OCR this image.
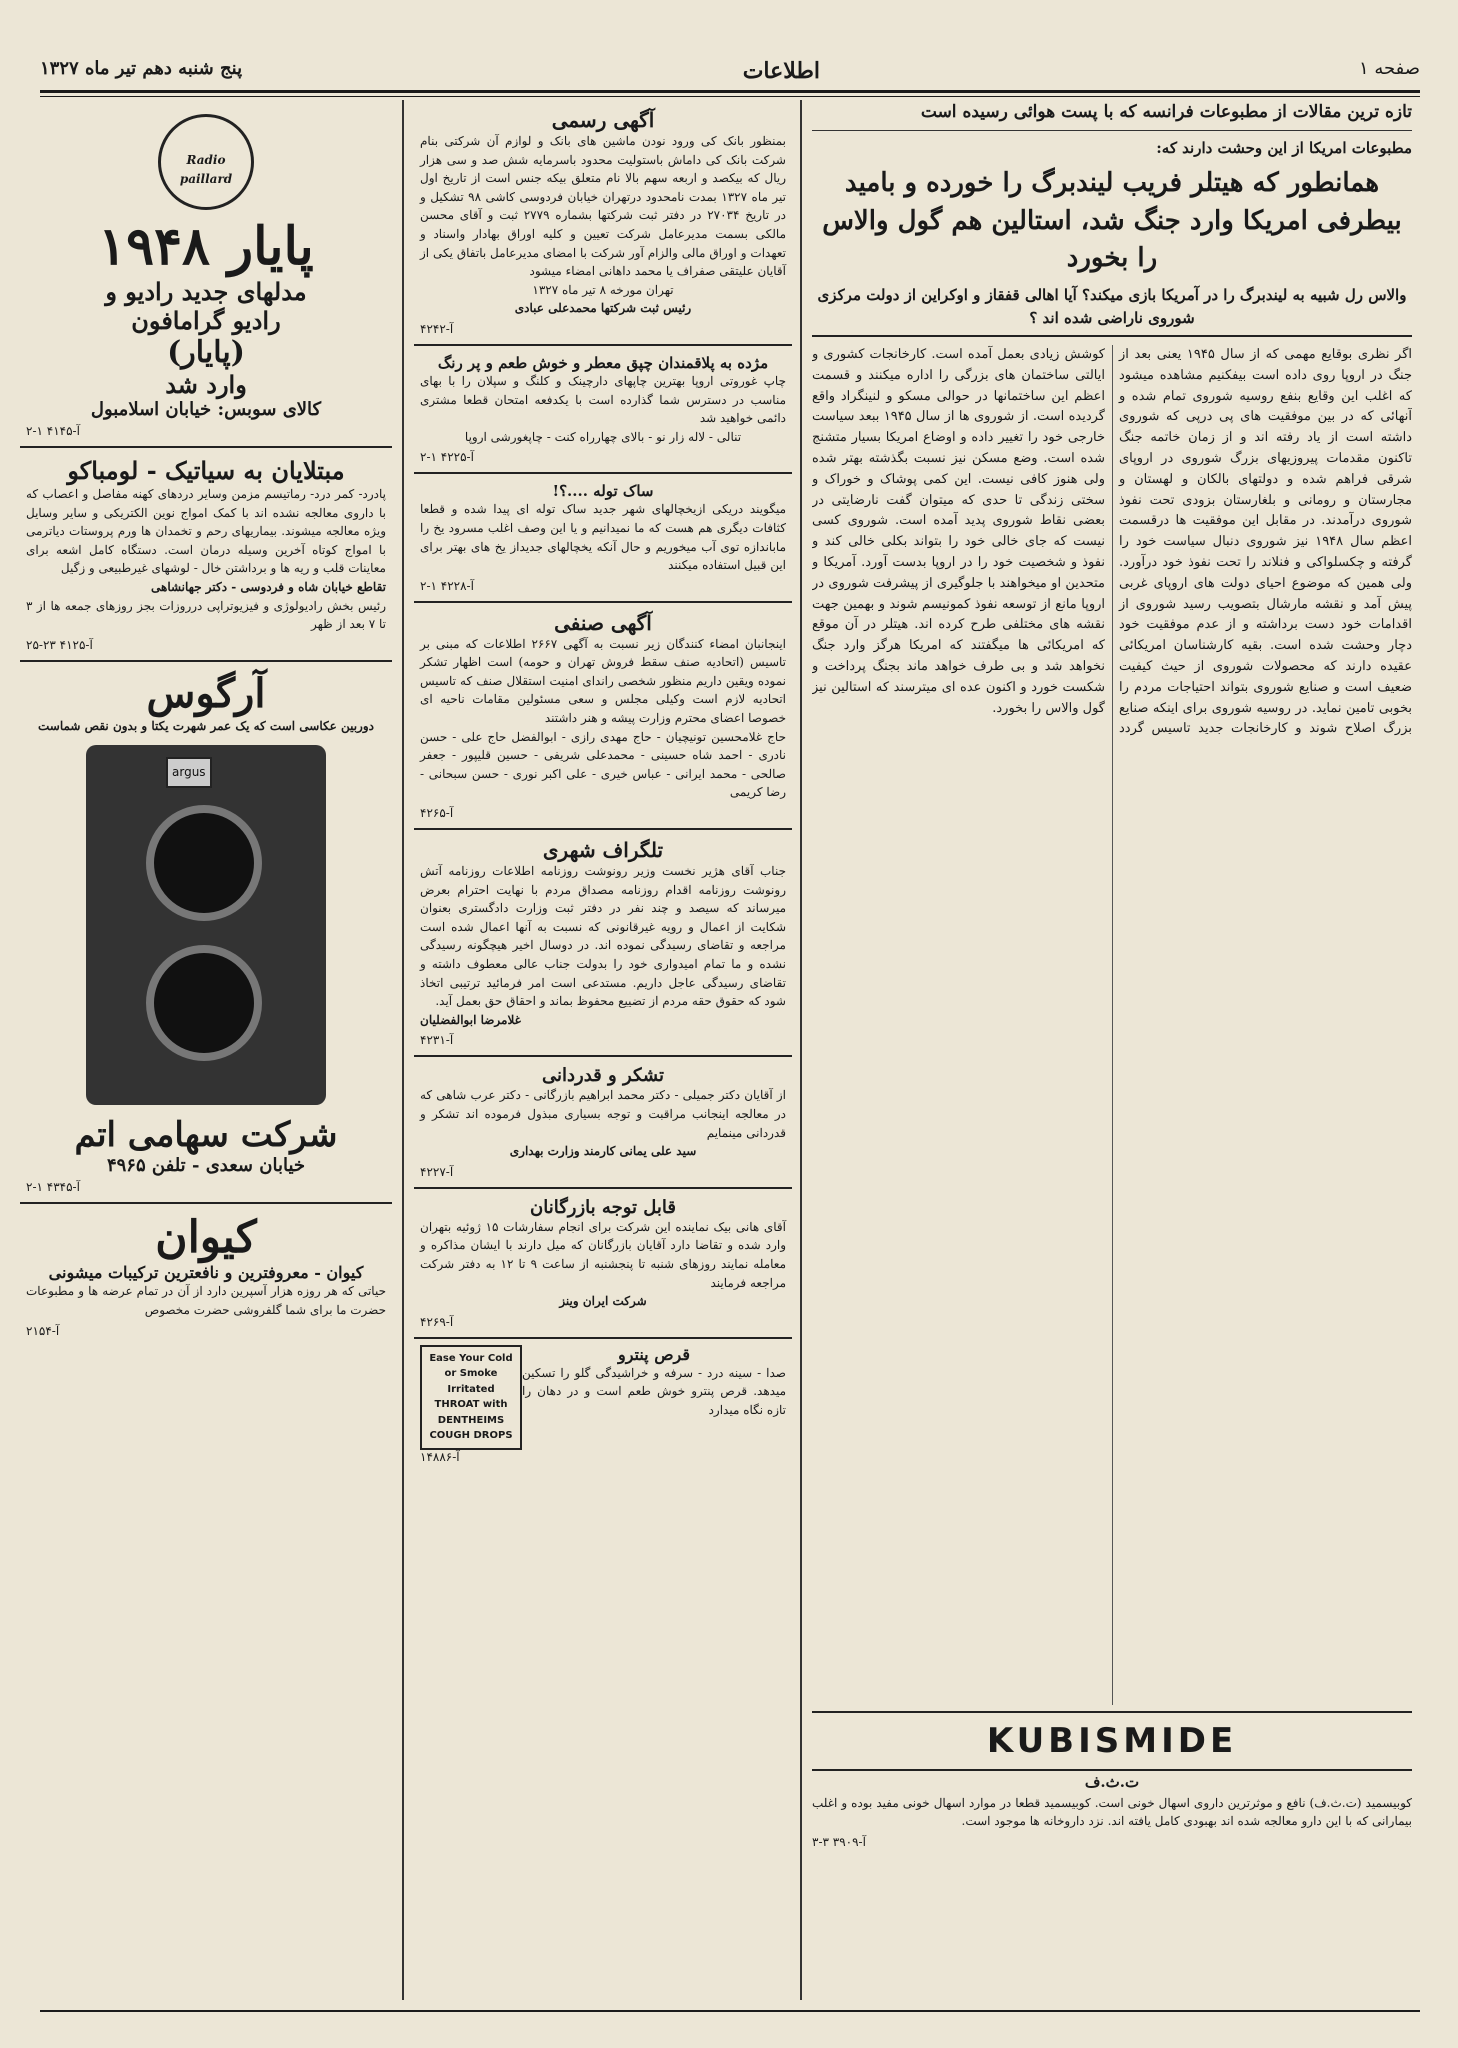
صفحه ۱
اطلاعات
پنج شنبه دهم تیر ماه ۱۳۲۷
تازه ترین مقالات از مطبوعات فرانسه که با پست هوائی رسیده است
مطبوعات امریکا از این وحشت دارند که:
همانطور که هیتلر فریب لیندبرگ را خورده و بامید بیطرفی امریکا وارد جنگ شد، استالین هم گول والاس را بخورد
والاس رل شبیه به لیندبرگ را در آمریکا بازی میکند؟ آیا اهالی قفقاز و اوکراین از دولت مرکزی شوروی ناراضی شده اند ؟
اگر نظری بوقایع مهمی که از سال ۱۹۴۵ یعنی بعد از جنگ در اروپا روی داده است بیفکنیم مشاهده میشود که اغلب این وقایع بنفع روسیه شوروی تمام شده و آنهائی که در بین موفقیت های پی درپی که شوروی داشته است از یاد رفته اند و از زمان خاتمه جنگ تاکنون مقدمات پیروزیهای بزرگ شوروی در اروپای شرقی فراهم شده و دولتهای بالکان و لهستان و مجارستان و رومانی و بلغارستان بزودی تحت نفوذ شوروی درآمدند. در مقابل این موفقیت ها درقسمت اعظم سال ۱۹۴۸ نیز شوروی دنبال سیاست خود را گرفته و چکسلواکی و فنلاند را تحت نفوذ خود درآورد. ولی همین که موضوع احیای دولت های اروپای غربی پیش آمد و نقشه مارشال بتصویب رسید شوروی از اقدامات خود دست برداشته و از عدم موفقیت خود دچار وحشت شده است. بقیه کارشناسان امریکائی عقیده دارند که محصولات شوروی از حیث کیفیت ضعیف است و صنایع شوروی بتواند احتیاجات مردم را بخوبی تامین نماید. در روسیه شوروی برای اینکه صنایع بزرگ اصلاح شوند و کارخانجات جدید تاسیس گردد کوشش زیادی بعمل آمده است. کارخانجات کشوری و ایالتی ساختمان های بزرگی را اداره میکنند و قسمت اعظم این ساختمانها در حوالی مسکو و لنینگراد واقع گردیده است. از شوروی ها از سال ۱۹۴۵ ببعد سیاست خارجی خود را تغییر داده و اوضاع امریکا بسیار متشنج شده است. وضع مسکن نیز نسبت بگذشته بهتر شده ولی هنوز کافی نیست. این کمی پوشاک و خوراک و سختی زندگی تا حدی که میتوان گفت نارضایتی در بعضی نقاط شوروی پدید آمده است. شوروی کسی نیست که جای خالی خود را بتواند بکلی خالی کند و نفوذ و شخصیت خود را در اروپا بدست آورد. آمریکا و متحدین او میخواهند با جلوگیری از پیشرفت شوروی در اروپا مانع از توسعه نفوذ کمونیسم شوند و بهمین جهت نقشه های مختلفی طرح کرده اند. هیتلر در آن موقع که امریکائی ها میگفتند که امریکا هرگز وارد جنگ نخواهد شد و بی طرف خواهد ماند بجنگ پرداخت و شکست خورد و اکنون عده ای میترسند که استالین نیز گول والاس را بخورد.
KUBISMIDE
ت.ث.ف
کوبیسمید (ت.ث.ف) نافع و موثرترین داروی اسهال خونی است. کوبیسمید قطعا در موارد اسهال خونی مفید بوده و اغلب بیمارانی که با این دارو معالجه شده اند بهبودی کامل یافته اند. نزد داروخانه ها موجود است.
۳-۳ ۳۹۰۹-آ
آگهی رسمی
بمنظور بانک کی ورود نودن ماشین های بانک و لوازم آن شرکتی بنام شرکت بانک کی داماش باستولیت محدود باسرمایه شش صد و سی هزار ریال که بیکصد و اربعه سهم بالا نام متعلق بیکه جنس است از تاریخ اول تیر ماه ۱۳۲۷ بمدت نامحدود درتهران خیابان فردوسی کاشی ۹۸ تشکیل و در تاریخ ۲۷۰۳۴ در دفتر ثبت شرکتها بشماره ۲۷۷۹ ثبت و آقای محسن مالکی بسمت مدیرعامل شرکت تعیین و کلیه اوراق بهادار واسناد و تعهدات و اوراق مالی والزام آور شرکت با امضای مدیرعامل باتفاق یکی از آقایان علیتقی صفراف یا محمد داهانی امضاء میشود
تهران مورخه ۸ تیر ماه ۱۳۲۷
رئیس ثبت شرکتها محمدعلی عبادی
۴۲۴۲-آ
مژده به پلاقمندان چپق معطر و خوش طعم و پر رنگ
چاپ غوروتی اروپا بهترین چاپهای دارچینک و کلنگ و سپلان را با بهای مناسب در دسترس شما گذارده است با یکدفعه امتحان قطعا مشتری دائمی خواهید شد
تنالی - لاله زار نو - بالای چهارراه کنت - چاپغورشی اروپا
۲-۱ ۴۲۲۵-آ
ساک توله ....؟!
میگویند دریکی ازیخچالهای شهر جدید ساک توله ای پیدا شده و قطعا کثافات دیگری هم هست که ما نمیدانیم و یا این وصف اغلب مسرود یخ را ماباندازه توی آب میخوریم و حال آنکه یخچالهای جدیداز یخ های بهتر برای این قبیل استفاده میکنند
۲-۱ ۴۲۲۸-آ
آگهی صنفی
اینجانبان امضاء کنندگان زیر نسبت به آگهی ۲۶۶۷ اطلاعات که مبنی بر تاسیس (اتحادیه صنف سقط فروش تهران و حومه) است اظهار تشکر نموده ویقین داریم منظور شخصی راندای امنیت استقلال صنف که تاسیس اتحادیه لازم است وکیلی مجلس و سعی مسئولین مقامات ناحیه ای خصوصا اعضای محترم وزارت پیشه و هنر داشتند
حاج غلامحسین تونیچیان - حاج مهدی رازی - ابوالفضل حاج علی - حسن نادری - احمد شاه حسینی - محمدعلی شریفی - حسین قلیپور - جعفر صالحی - محمد ایرانی - عباس خیری - علی اکبر نوری - حسن سبحانی - رضا کریمی
۴۲۶۵-آ
تلگراف شهری
جناب آقای هژیر نخست وزیر رونوشت روزنامه اطلاعات روزنامه آتش رونوشت روزنامه اقدام روزنامه مصداق مردم با نهایت احترام بعرض میرساند که سیصد و چند نفر در دفتر ثبت وزارت دادگستری بعنوان شکایت از اعمال و رویه غیرقانونی که نسبت به آنها اعمال شده است مراجعه و تقاضای رسیدگی نموده اند. در دوسال اخیر هیچگونه رسیدگی نشده و ما تمام امیدواری خود را بدولت جناب عالی معطوف داشته و تقاضای رسیدگی عاجل داریم. مستدعی است امر فرمائید ترتیبی اتخاذ شود که حقوق حقه مردم از تضییع محفوظ بماند و احقاق حق بعمل آید.
غلامرضا ابوالفضلیان
۴۲۳۱-آ
تشکر و قدردانی
از آقایان دکتر جمیلی - دکتر محمد ابراهیم بازرگانی - دکتر عرب شاهی که در معالجه اینجانب مراقبت و توجه بسیاری مبذول فرموده اند تشکر و قدردانی مینمایم
سید علی یمانی کارمند وزارت بهداری
۴۲۲۷-آ
قابل توجه بازرگانان
آقای هانی بیک نماینده این شرکت برای انجام سفارشات ۱۵ ژوئیه بتهران وارد شده و تقاضا دارد آقایان بازرگانان که میل دارند با ایشان مذاکره و معامله نمایند روزهای شنبه تا پنجشنبه از ساعت ۹ تا ۱۲ به دفتر شرکت مراجعه فرمایند
شرکت ایران وینز
۴۲۶۹-آ
Ease Your Cold or Smoke Irritated THROAT with DENTHEIMS COUGH DROPS
قرص پنترو
صدا - سینه درد - سرفه و خراشیدگی گلو را تسکین میدهد. قرص پنترو خوش طعم است و در دهان را تازه نگاه میدارد
۱۴۸۸۶-آ
Radio paillard
پایار ۱۹۴۸
مدلهای جدید رادیو و
رادیو گرامافون
(پایار)
وارد شد
کالای سوبس: خیابان اسلامبول
۲-۱ ۴۱۴۵-آ
مبتلایان به سیاتیک - لومباکو
پادرد- کمر درد- رماتیسم مزمن وسایر دردهای کهنه مفاصل و اعصاب که با داروی معالجه نشده اند با کمک امواج نوین الکتریکی و سایر وسایل ویژه معالجه میشوند. بیماریهای رحم و تخمدان ها ورم پروستات دیاترمی با امواج کوتاه آخرین وسیله درمان است. دستگاه کامل اشعه برای معاینات قلب و ریه ها و برداشتن خال - لوشهای غیرطبیعی و زگیل
تقاطع خیابان شاه و فردوسی - دکتر جهانشاهی
رئیس بخش رادیولوژی و فیزیوتراپی درروزات بجز روزهای جمعه ها از ۳ تا ۷ بعد از ظهر
۲۵-۲۳ ۴۱۲۵-آ
آرگوس
دوربین عکاسی است که یک عمر شهرت یکتا و بدون نقص شماست
argus
شرکت سهامی اتم
خیابان سعدی - تلفن ۴۹۶۵
۲-۱ ۴۳۴۵-آ
کیوان
کیوان - معروفترین و نافعترین ترکیبات میشونی
حیاتی که هر روزه هزار آسپرین دارد از آن در تمام عرضه ها و مطبوعات حضرت ما برای شما گلفروشی حضرت مخصوص
۲۱۵۴-آ
